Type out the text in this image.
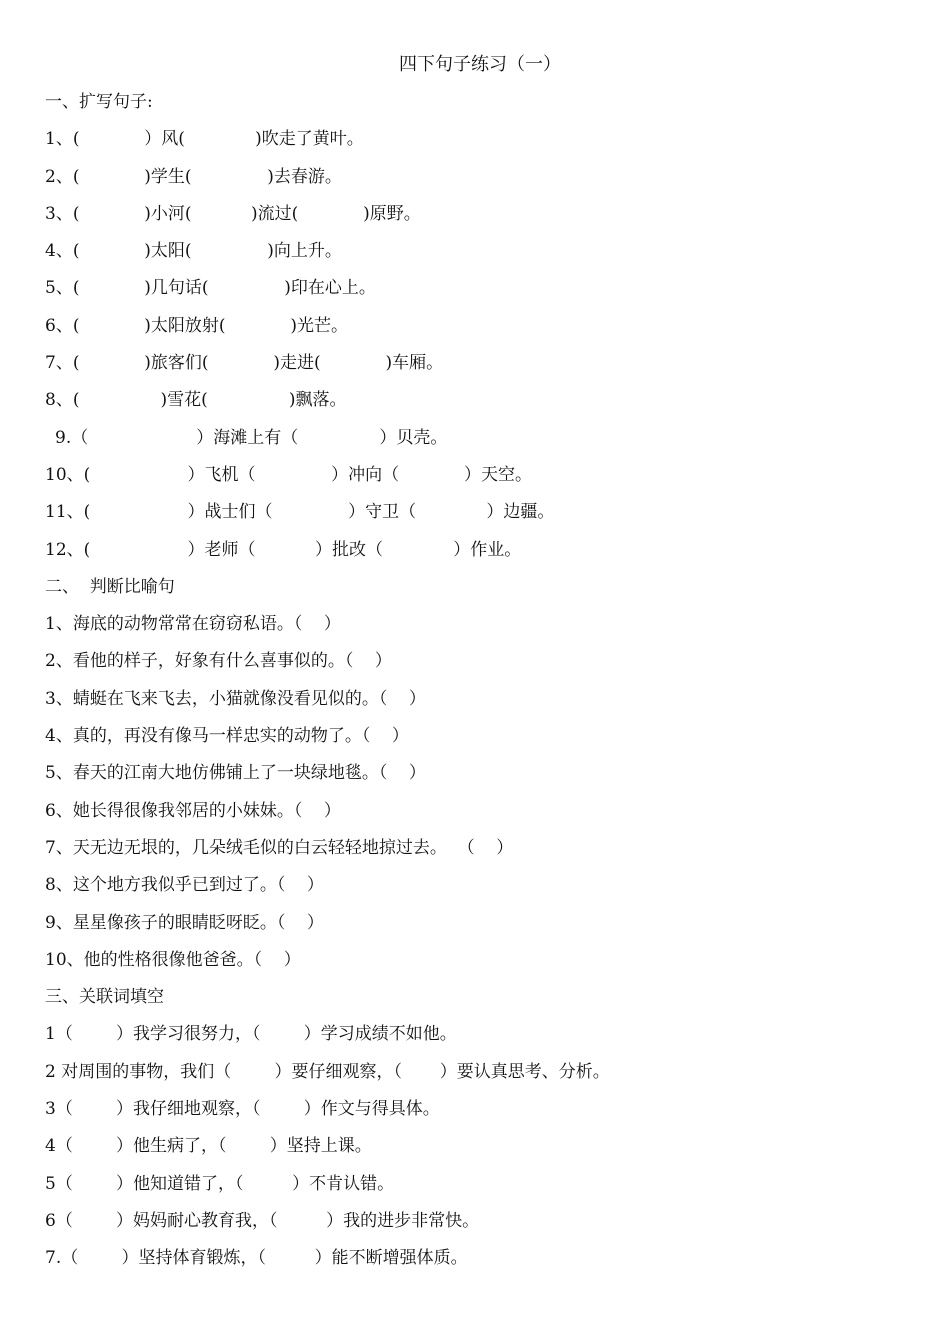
四下句子练习（一）
一、扩写句子:
1、(            ）风(             )吹走了黄叶。
2、(            )学生(              )去春游。
3、(            )小河(           )流过(            )原野。
4、(            )太阳(              )向上升。
5、(            )几句话(              )印在心上。
6、(            )太阳放射(            )光芒。
7、(            )旅客们(            )走进(            )车厢。
8、(               )雪花(               )飘落。
9.（                    ）海滩上有（               ）贝壳。
10、(                  ）飞机（              ）冲向（            ）天空。
11、(                  ）战士们（              ）守卫（             ）边疆。
12、(                  ）老师（           ）批改（             ）作业。
二、  判断比喻句
1、海底的动物常常在窃窃私语。（    ）
2、看他的样子，好象有什么喜事似的。（    ）
3、蜻蜓在飞来飞去，小猫就像没看见似的。（    ）
4、真的，再没有像马一样忠实的动物了。（    ）
5、春天的江南大地仿佛铺上了一块绿地毯。（    ）
6、她长得很像我邻居的小妹妹。（    ）
7、天无边无垠的，几朵绒毛似的白云轻轻地掠过去。  （    ）
8、这个地方我似乎已到过了。（    ）
9、星星像孩子的眼睛眨呀眨。（    ）
10、他的性格很像他爸爸。（    ）
三、关联词填空
1（        ）我学习很努力，（        ）学习成绩不如他。
2 对周围的事物，我们（        ）要仔细观察，（       ）要认真思考、分析。
3（        ）我仔细地观察，（        ）作文与得具体。
4（        ）他生病了，（        ）坚持上课。
5（        ）他知道错了，（         ）不肯认错。
6（        ）妈妈耐心教育我，（         ）我的进步非常快。
7.（        ）坚持体育锻炼，（         ）能不断增强体质。
